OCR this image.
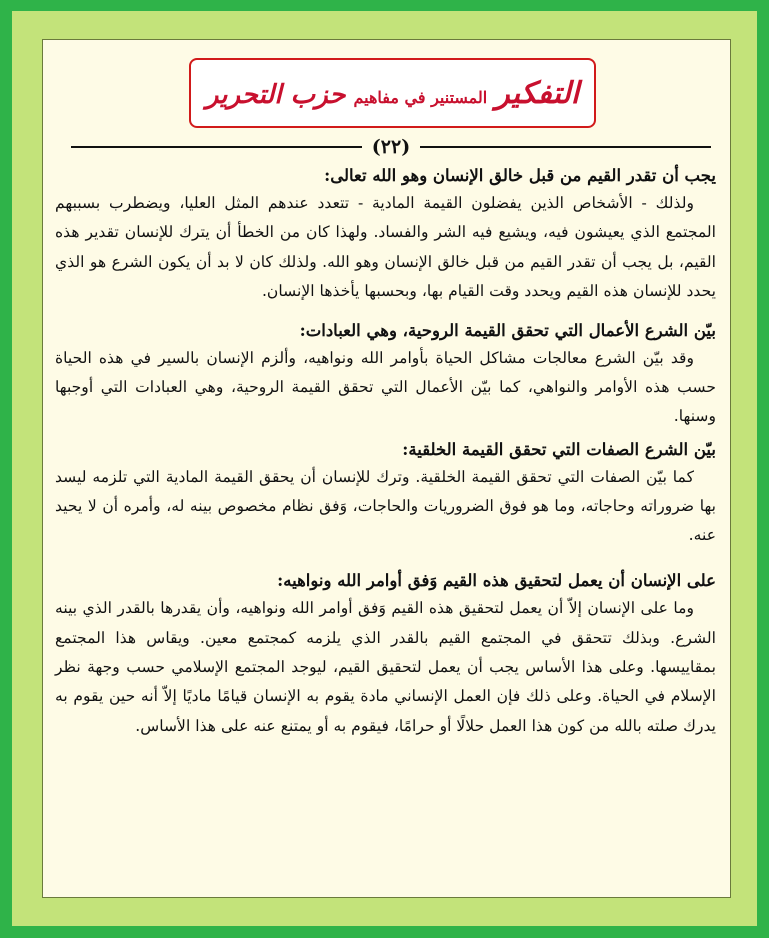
التفكير
المستنير في مفاهيم
حزب التحرير
(٢٢)

يجب أن تقدر القيم من قبل خالق الإنسان وهو الله تعالى:

ولذلك - الأشخاص الذين يفضلون القيمة المادية - تتعدد عندهم المثل العليا، ويضطرب بسببهم المجتمع الذي يعيشون فيه، ويشيع فيه الشر والفساد. ولهذا كان من الخطأ أن يترك للإنسان تقدير هذه القيم، بل يجب أن تقدر القيم من قبل خالق الإنسان وهو الله. ولذلك كان لا بد أن يكون الشرع هو الذي يحدد للإنسان هذه القيم ويحدد وقت القيام بها، وبحسبها يأخذها الإنسان.

بيّن الشرع الأعمال التي تحقق القيمة الروحية، وهي العبادات:

وقد بيّن الشرع معالجات مشاكل الحياة بأوامر الله ونواهيه، وألزم الإنسان بالسير في هذه الحياة حسب هذه الأوامر والنواهي، كما بيّن الأعمال التي تحقق القيمة الروحية، وهي العبادات التي أوجبها وسنها.

بيّن الشرع الصفات التي تحقق القيمة الخلقية:

كما بيّن الصفات التي تحقق القيمة الخلقية. وترك للإنسان أن يحقق القيمة المادية التي تلزمه ليسد بها ضروراته وحاجاته، وما هو فوق الضروريات والحاجات، وَفق نظام مخصوص بينه له، وأمره أن لا يحيد عنه.

على الإنسان أن يعمل لتحقيق هذه القيم وَفق أوامر الله ونواهيه:

وما على الإنسان إلاّ أن يعمل لتحقيق هذه القيم وَفق أوامر الله ونواهيه، وأن يقدرها بالقدر الذي بينه الشرع. وبذلك تتحقق في المجتمع القيم بالقدر الذي يلزمه كمجتمع معين. ويقاس هذا المجتمع بمقاييسها. وعلى هذا الأساس يجب أن يعمل لتحقيق القيم، ليوجد المجتمع الإسلامي حسب وجهة نظر الإسلام في الحياة. وعلى ذلك فإن العمل الإنساني مادة يقوم به الإنسان قيامًا ماديًا إلاّ أنه حين يقوم به يدرك صلته بالله من كون هذا العمل حلالًا أو حرامًا، فيقوم به أو يمتنع عنه على هذا الأساس.
